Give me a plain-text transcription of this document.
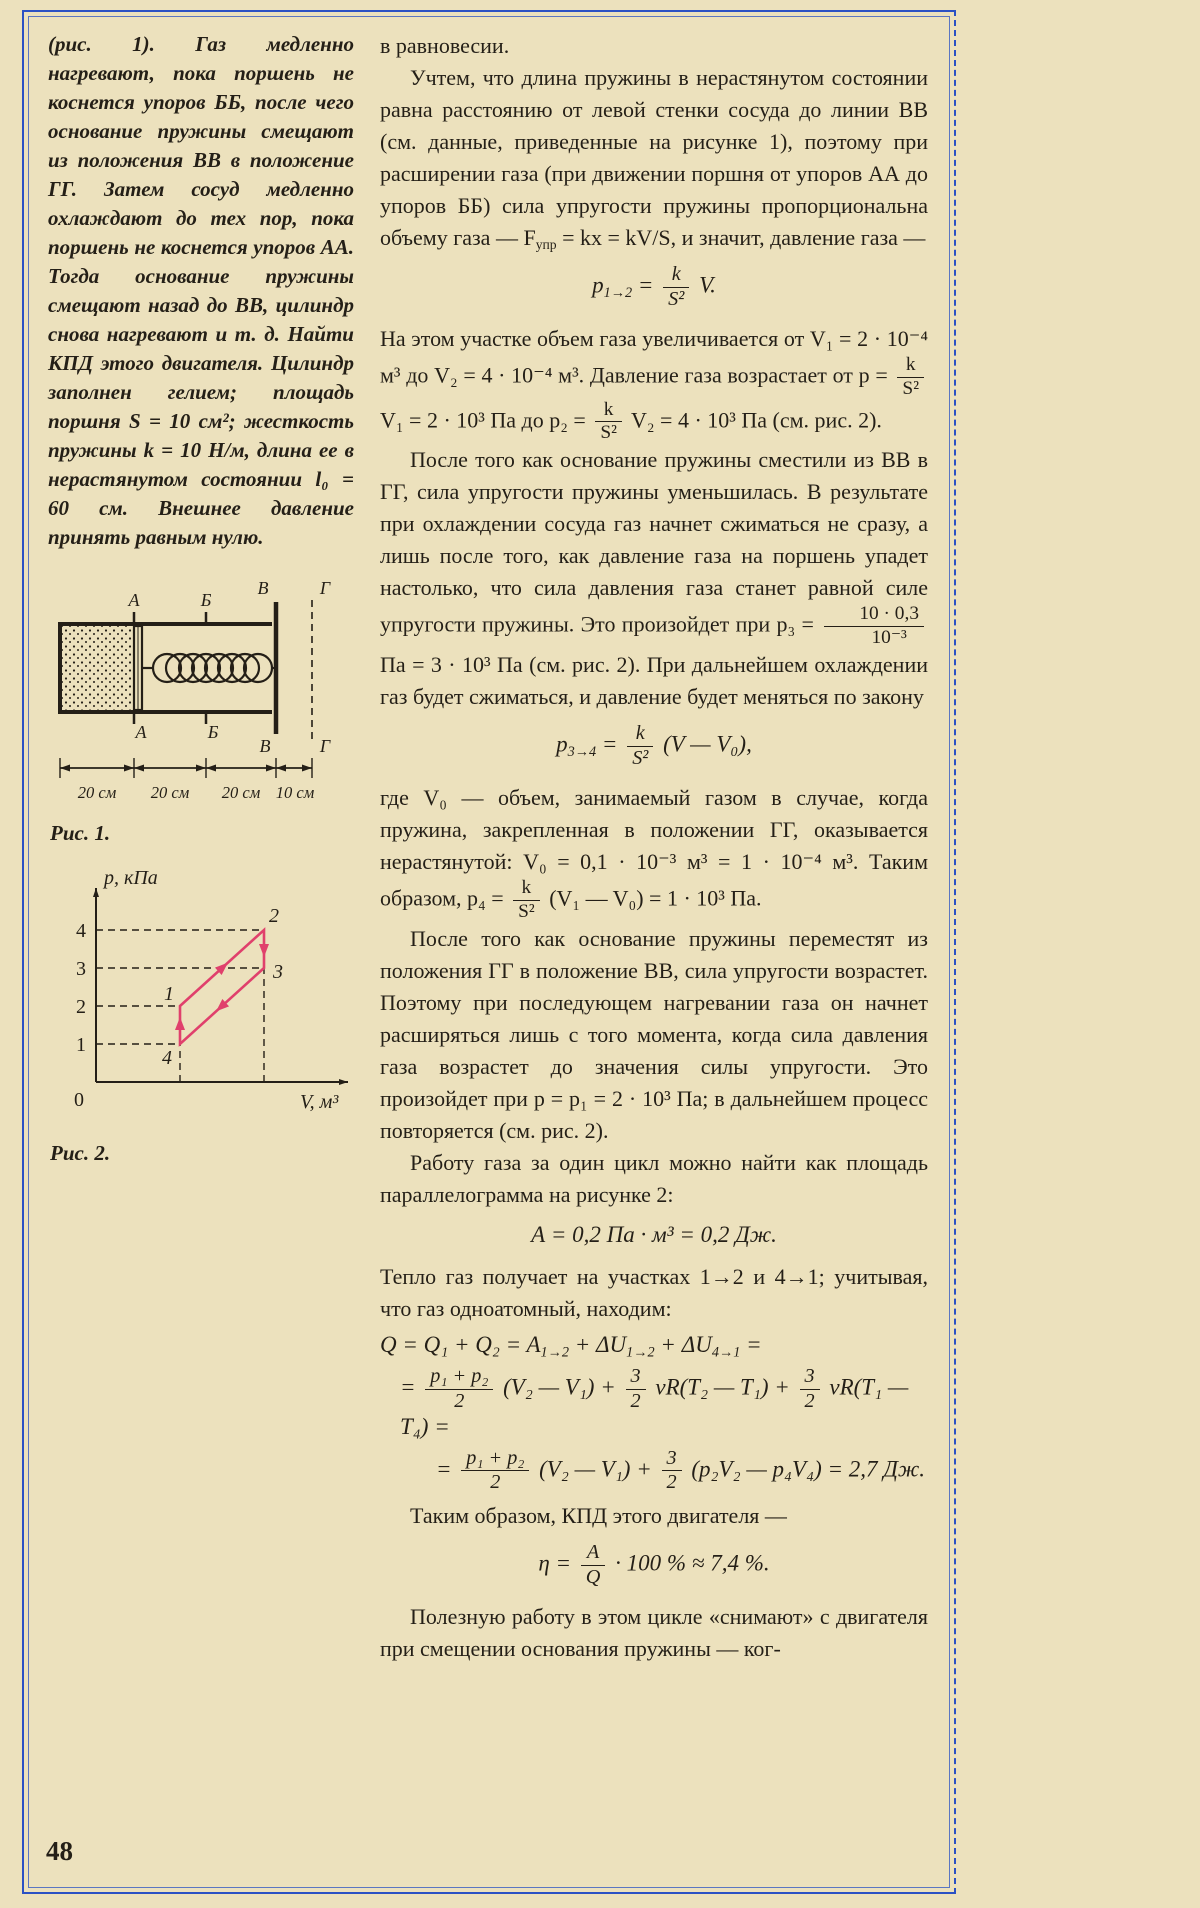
(рис. 1). Газ медленно нагревают, пока поршень не коснется упоров ББ, после чего основание пружины смещают из положения ВВ в положение ГГ. Затем сосуд медленно охлаждают до тех пор, пока поршень не коснется упоров АА. Тогда основание пружины смещают назад до ВВ, цилиндр снова нагревают и т. д. Найти КПД этого двигателя. Цилиндр заполнен гелием; площадь поршня S = 10 см²; жесткость пружины k = 10 Н/м, длина ее в нерастянутом состоянии l₀ = 60 см. Внешнее давление принять равным нулю.

А	Б
В	Г
А	Б
В	Г
20 см 20 см 20 см 10 см
Рис. 1.
1
2
3
4
0
p, кПа
V, м³
1
2
3
4
Рис. 2.

в равновесии.

Учтем, что длина пружины в нерастянутом состоянии равна расстоянию от левой стенки сосуда до линии ВВ (см. данные, приведенные на рисунке 1), поэтому при расширении газа (при движении поршня от упоров АА до упоров ББ) сила упругости пружины пропорциональна объему газа — $F_{упр}$ = kx = kV/S, и значит, давление газа —

$p_{1\to 2} = \frac{k}{\text{S²}} V$.

На этом участке объем газа увеличивается от V₁ = 2 · 10⁻⁴ м³ до V₂ = 4 · 10⁻⁴ м³. Давление газа возрастает от $p = \frac{k}{\text{S²}}$
V₁ = 2 · 10³ Па до $p_2 = \frac{k}{\text{S²}} V_2 = 4 \cdot 10^3$ Па (см. рис. 2).

После того как основание пружины сместили из ВВ в ГГ, сила упругости пружины уменьшилась. В результате при охлаждении сосуда газ начнет сжиматься не сразу, а лишь после того, как давление газа на поршень упадет настолько, что сила давления газа станет равной силе упругости пружины. Это произойдет при $p_3 = \frac{10 \cdot 0,3}{\text{10⁻³}}$
Па = 3 · 10³ Па (см. рис. 2). При дальнейшем охлаждении газ будет сжиматься, и давление будет меняться по закону

$p_{3\to 4} = \frac{k}{\text{S²}} (V$ — V₀),

где V₀ — объем, занимаемый газом в случае, когда пружина, закрепленная в положении ГГ, оказывается нерастянутой: V₀ = 0,1 · 10⁻³ м³ = 1 · 10⁻⁴ м³. Таким образом, $p_4 = \frac{k}{\text{S²}} (V_1$ — V₀) = 1 · 10³ Па.

После того как основание пружины переместят из положения ГГ в положение ВВ, сила упругости возрастет. Поэтому при последующем нагревании газа он начнет расширяться лишь с того момента, когда сила давления газа возрастет до значения силы упругости. Это произойдет при p = p₁ = 2 · 10³ Па; в дальнейшем процесс повторяется (см. рис. 2).

Работу газа за один цикл можно найти как площадь параллелограмма на рисунке 2:

А = 0,2 Па · м³ = 0,2 Дж.

Тепло газ получает на участках 1→2 и 4→1; учитывая, что газ одноатомный, находим:

$Q = Q_1 + Q_2 = A_{1\to 2} + \Delta U_{1\to 2} + \Delta U_{4\to 1}$ =
= $\frac{\text{p₁ + p₂}}{2} (V_2$ — $V_1) + \frac{3}{2} \nu R(T_2$ — $T_1) + \frac{3}{2} \nu R(T_1$ — T₄) =
= $\frac{\text{p₁ + p₂}}{2} (V_2$ — $V_1) + \frac{3}{2} (p_2V_2$ — p₄V₄) = 2,7 Дж.

Таким образом, КПД этого двигателя —

$\eta = \frac{A}{Q} \cdot 100$ % ≈ 7,4 %.

Полезную работу в этом цикле «снимают» с двигателя при смещении основания пружины — ког-

48
